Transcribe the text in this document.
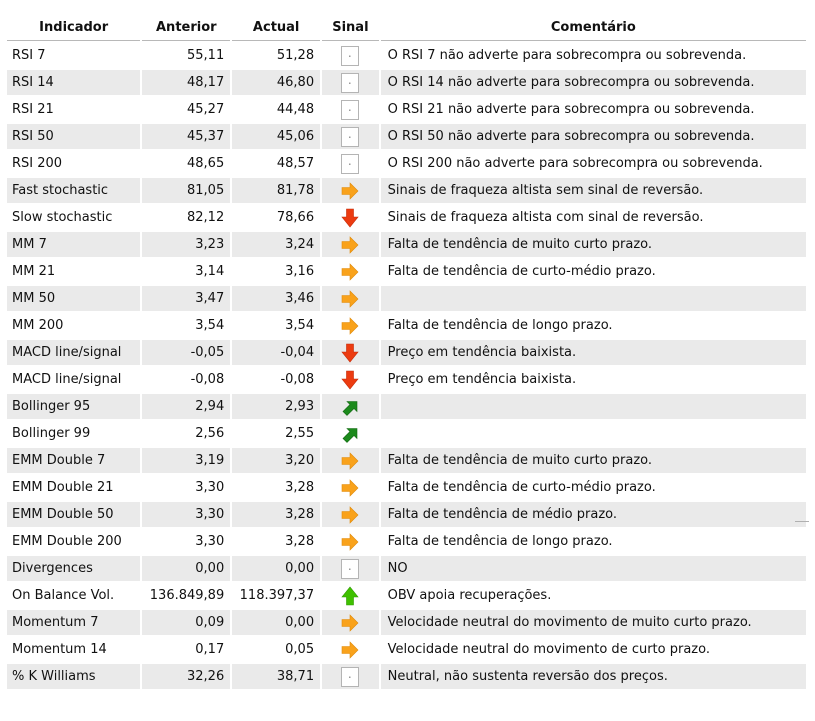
Indicador	Anterior	Actual	Sinal	Comentário
RSI 7	55,11	51,28		O RSI 7 não adverte para sobrecompra ou sobrevenda.
RSI 14	48,17	46,80		O RSI 14 não adverte para sobrecompra ou sobrevenda.
RSI 21	45,27	44,48		O RSI 21 não adverte para sobrecompra ou sobrevenda.
RSI 50	45,37	45,06		O RSI 50 não adverte para sobrecompra ou sobrevenda.
RSI 200	48,65	48,57		O RSI 200 não adverte para sobrecompra ou sobrevenda.
Fast stochastic	81,05	81,78		Sinais de fraqueza altista sem sinal de reversão.
Slow stochastic	82,12	78,66		Sinais de fraqueza altista com sinal de reversão.
MM 7	3,23	3,24		Falta de tendência de muito curto prazo.
MM 21	3,14	3,16		Falta de tendência de curto-médio prazo.
MM 50	3,47	3,46	

MM 200	3,54	3,54		Falta de tendência de longo prazo.
MACD line/signal	-0,05	-0,04		Preço em tendência baixista.
MACD line/signal	-0,08	-0,08		Preço em tendência baixista.
Bollinger 95	2,94	2,93	

Bollinger 99	2,56	2,55	

EMM Double 7	3,19	3,20		Falta de tendência de muito curto prazo.
EMM Double 21	3,30	3,28		Falta de tendência de curto-médio prazo.
EMM Double 50	3,30	3,28		Falta de tendência de médio prazo.
EMM Double 200	3,30	3,28		Falta de tendência de longo prazo.
Divergences	0,00	0,00		NO
On Balance Vol.	136.849,89	118.397,37		OBV apoia recuperações.
Momentum 7	0,09	0,00		Velocidade neutral do movimento de muito curto prazo.
Momentum 14	0,17	0,05		Velocidade neutral do movimento de curto prazo.
% K Williams	32,26	38,71		Neutral, não sustenta reversão dos preços.
